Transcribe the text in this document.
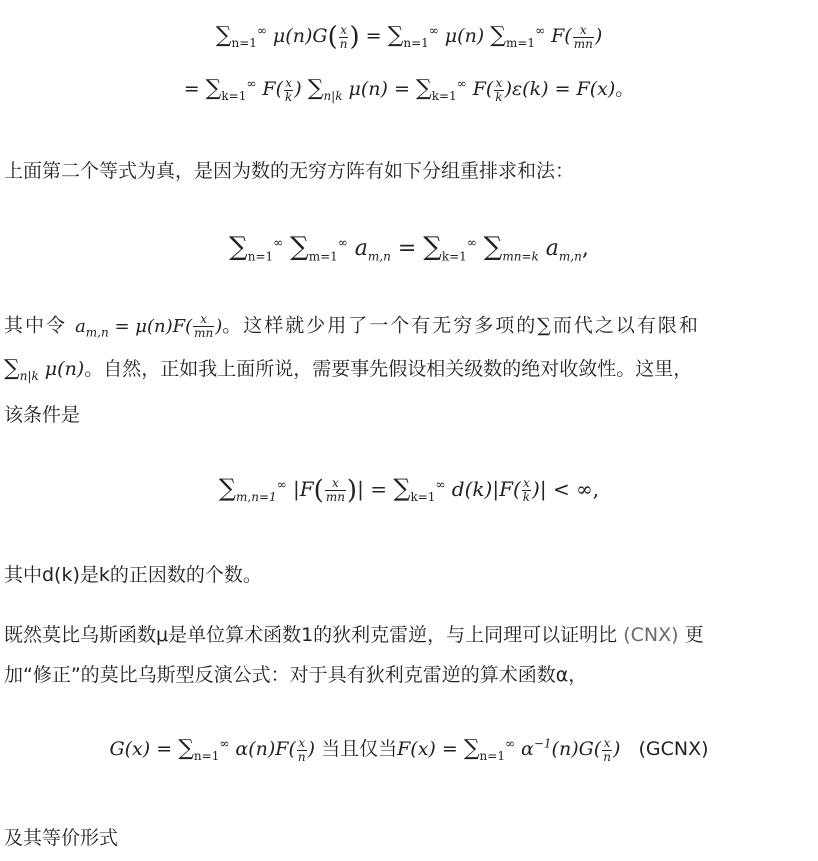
$\sum_{n=1}^\infty$ $\mu(n)G( \frac{x}{n}$ ) = $\sum_{n=1}^\infty$ μ(n) $\sum_{m=1}^\infty$ $F( \frac{x}{mn}$ )
= $\sum_{k=1}^\infty$ $F( \frac{x}{k}$ ) $\sum_{n|k}$ $\mu(n) = \sum_{k=1}^\infty$ $F( \frac{x}{k} )\varepsilon(k) = F(x)$。
上面第二个等式为真，是因为数的无穷方阵有如下分组重排求和法：
$\sum_{n=1}^\infty$ $\sum_{m=1}^\infty$ $a_{m,n} = \sum_{k=1}^\infty$ $\sum_{mn=k}$ $a_{m,n}$,
其中令 $a_{m,n} = \mu(n)F( \frac{x}{mn}$ )。这样就少用了一个有无穷多项的∑而代之以有限和
$\sum_{n|k}$ μ(n)。自然，正如我上面所说，需要事先假设相关级数的绝对收敛性。这里，
该条件是
$\sum_{m,n=1}^\infty$ $|F( \frac{x}{mn}$ )| = $\sum_{k=1}^\infty$ $d(k)|F( \frac{x}{k}$ )| < ∞,
其中d(k)是k的正因数的个数。
既然莫比乌斯函数μ是单位算术函数1的狄利克雷逆，与上同理可以证明比 (CNX) 更
加“修正”的莫比乌斯型反演公式：对于具有狄利克雷逆的算术函数α，
$G(x) = \sum_{n=1}^\infty$ $\alpha(n)F( \frac{x}{n}$ ) 当且仅当$F(x) = \sum_{n=1}^\infty$ $\alpha^{-1}(n)G( \frac{x}{n}$ ) (GCNX)
及其等价形式
